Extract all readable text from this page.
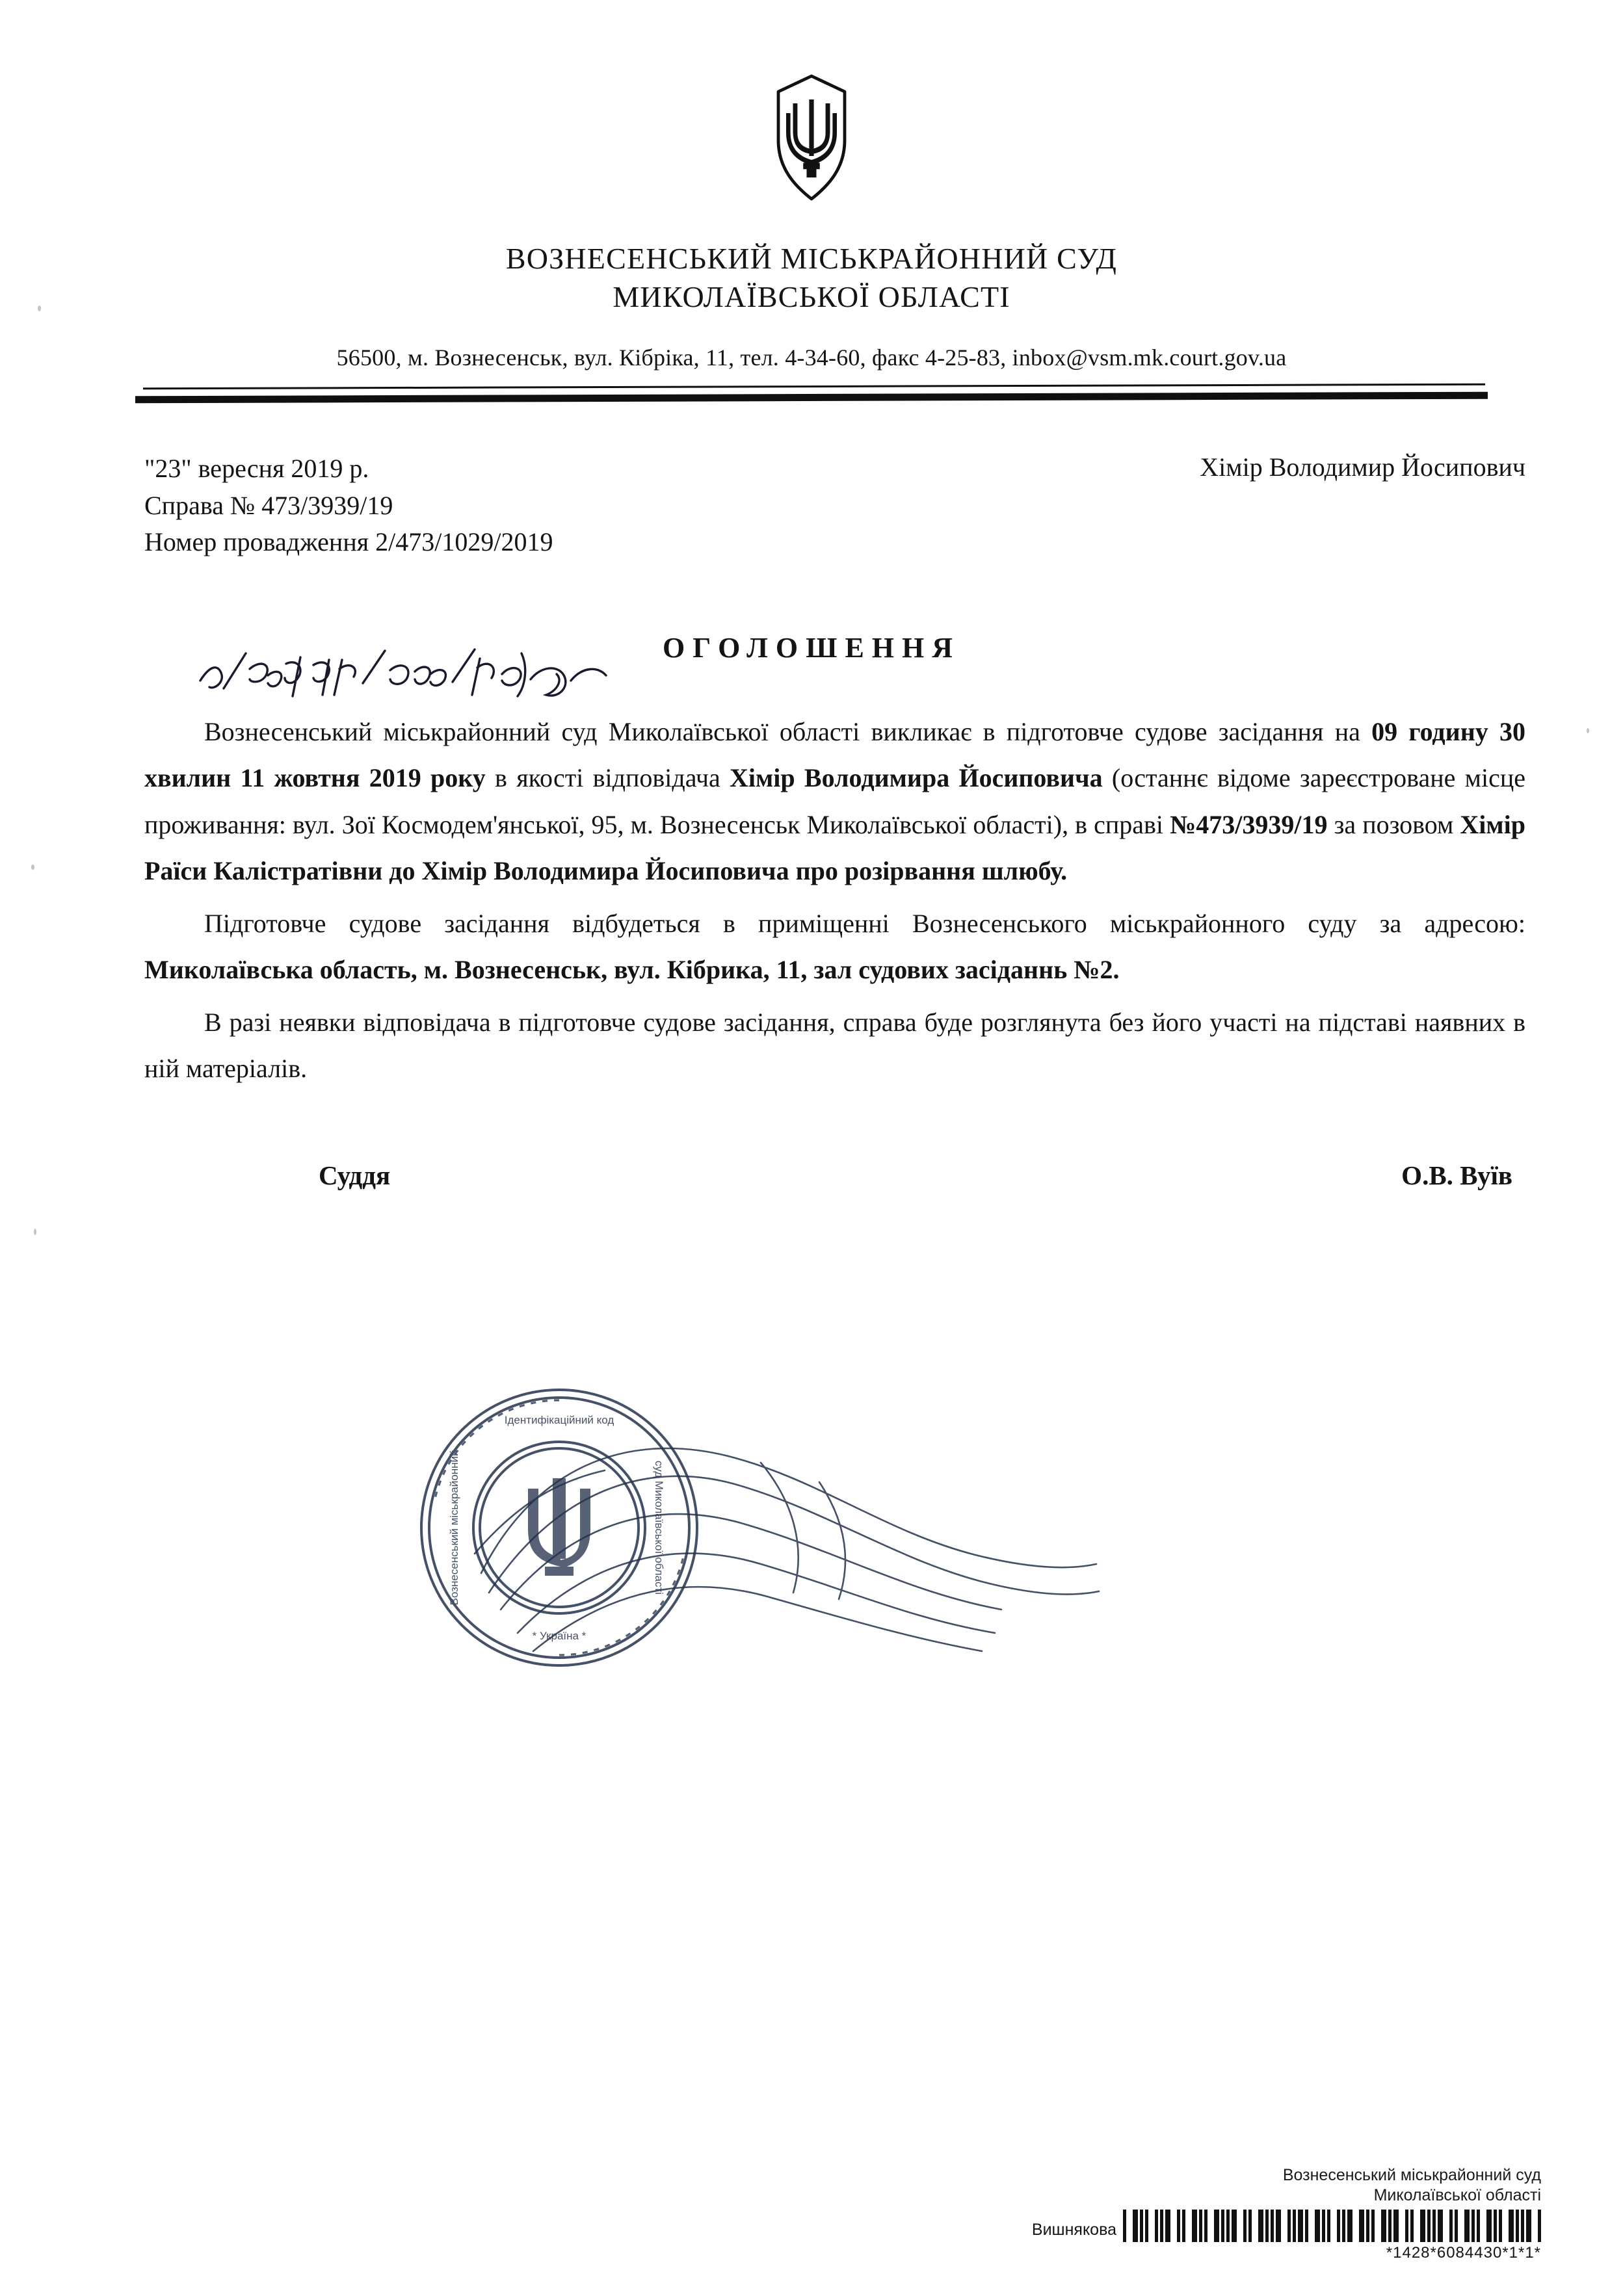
ВОЗНЕСЕНСЬКИЙ МІСЬКРАЙОННИЙ СУД
МИКОЛАЇВСЬКОЇ ОБЛАСТІ
56500, м. Вознесенськ, вул. Кібріка, 11, тел. 4-34-60, факс 4-25-83, inbox@vsm.mk.court.gov.ua
"23" вересня 2019 р.
Справа № 473/3939/19
Номер провадження 2/473/1029/2019
Хімір Володимир Йосипович
ОГОЛОШЕННЯ

Вознесенський міськрайонний суд Миколаївської області викликає в підготовче судове засідання на 09 годину 30 хвилин 11 жовтня 2019 року в якості відповідача Хімір Володимира Йосиповича (останнє відоме зареєстроване місце проживання: вул. Зої Космодем'янської, 95, м. Вознесенськ Миколаївської області), в справі №473/3939/19 за позовом Хімір Раїси Калістратівни до Хімір Володимира Йосиповича про розірвання шлюбу.

Підготовче судове засідання відбудеться в приміщенні Вознесенського міськрайонного суду за адресою: Миколаївська область, м. Вознесенськ, вул. Кібрика, 11, зал судових засіданнь №2.

В разі неявки відповідача в підготовче судове засідання, справа буде розглянута без його участі на підставі наявних в ній матеріалів.

Суддя	О.В. Вуїв
Вознесенський міськрайонний	суд Миколаївської області
* Україна *
Ідентифікаційний код
Вознесенський міськрайонний суд
Миколаївської області
Вишнякова
*1428*6084430*1*1*
